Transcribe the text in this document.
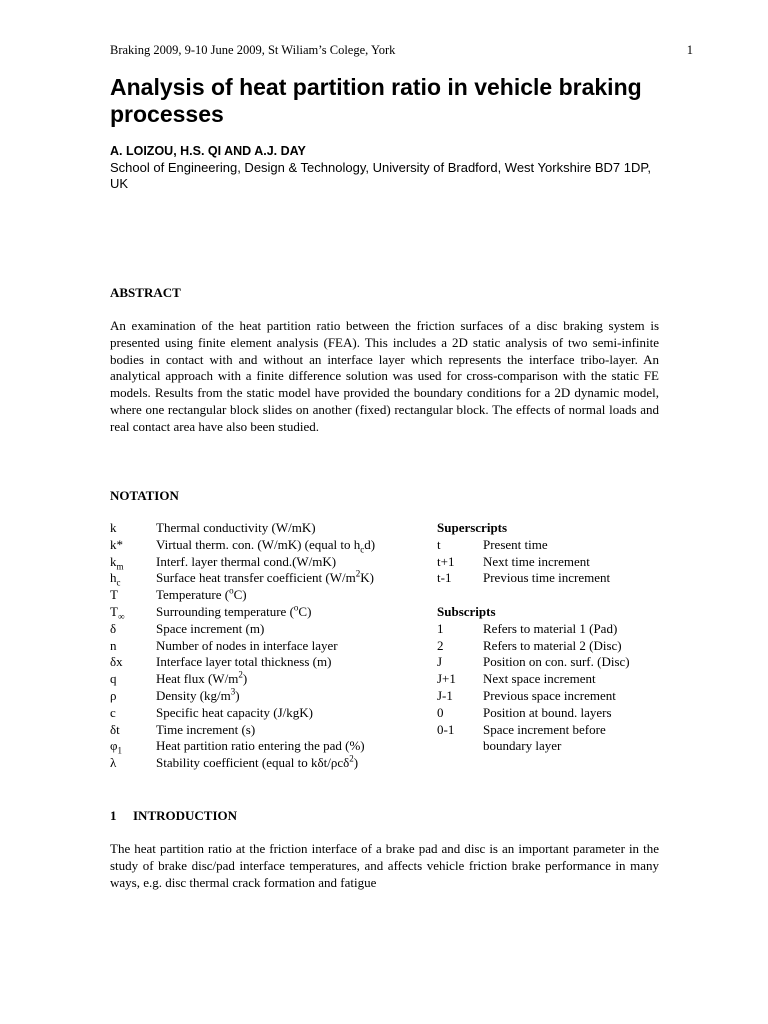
Braking 2009, 9-10 June 2009, St Wiliam’s Colege, York	1
Analysis of heat partition ratio in vehicle braking processes
A. LOIZOU, H.S. QI AND A.J. DAY
School of Engineering, Design & Technology, University of Bradford, West Yorkshire BD7 1DP, UK
ABSTRACT

An examination of the heat partition ratio between the friction surfaces of a disc braking system is presented using finite element analysis (FEA). This includes a 2D static analysis of two semi-infinite bodies in contact with and without an interface layer which represents the interface tribo-layer. An analytical approach with a finite difference solution was used for cross-comparison with the static FE models. Results from the static model have provided the boundary conditions for a 2D dynamic model, where one rectangular block slides on another (fixed) rectangular block. The effects of normal loads and real contact area have also been studied.

NOTATION
k	Thermal conductivity (W/mK)	Superscripts
k*	Virtual therm. con. (W/mK) (equal to $h_cd$)	t	Present time
$k_m$ Interf. layer thermal cond.(W/mK)	t+1 Next time increment
$h_c$	Surface heat transfer coefficient $(W/m^2K)$	t-1 Previous time increment
T	Temperature ($^o$C)
$T_\infty$ Surrounding temperature ($^o$C)	Subscripts
δ	Space increment (m)	1	Refers to material 1 (Pad)
n	Number of nodes in interface layer	2	Refers to material 2 (Disc)
δx	Interface layer total thickness (m)	J	Position on con. surf. (Disc)
q	Heat flux $(W/m^2)$	J+1 Next space increment
ρ	Density $(kg/m^3)$	J-1 Previous space increment
c	Specific heat capacity (J/kgK)	0	Position at bound. layers
δt	Time increment (s)	0-1 Space increment before
$\varphi_1$	Heat partition ratio entering the pad (%)	boundary layer
λ	Stability coefficient (equal to kδt/ρcδ$^2$)
1 INTRODUCTION

The heat partition ratio at the friction interface of a brake pad and disc is an important parameter in the study of brake disc/pad interface temperatures, and affects vehicle friction brake performance in many ways, e.g. disc thermal crack formation and fatigue
